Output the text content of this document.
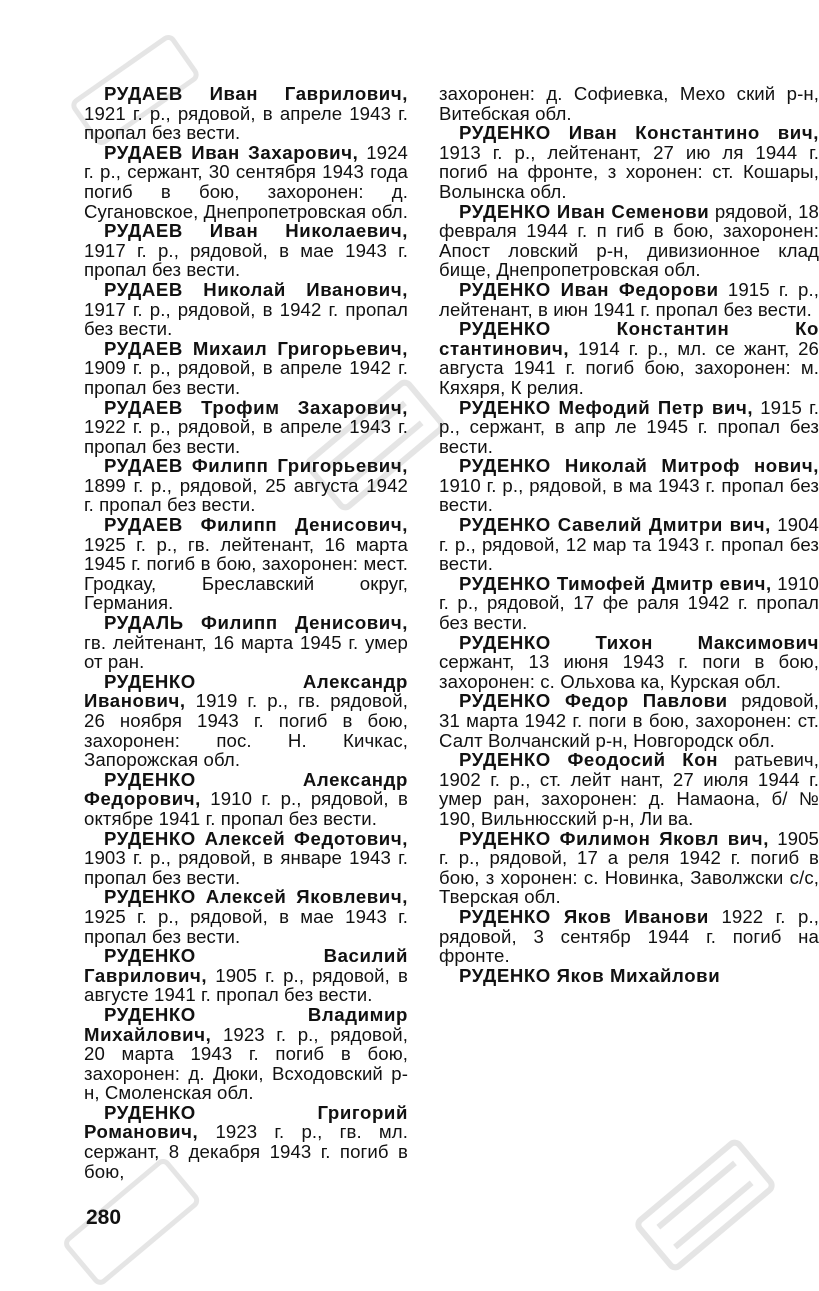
РУДАЕВ Иван Гаврилович, 1921 г. р., рядовой, в апреле 1943 г. пропал без вести.

РУДАЕВ Иван Захарович, 1924 г. р., сержант, 30 сентября 1943 года погиб в бою, захоронен: д. Сугановское, Днепропетровская обл.

РУДАЕВ Иван Николаевич, 1917 г. р., рядовой, в мае 1943 г. пропал без вести.

РУДАЕВ Николай Иванович, 1917 г. р., рядовой, в 1942 г. пропал без вести.

РУДАЕВ Михаил Григорьевич, 1909 г. р., рядовой, в апреле 1942 г. пропал без вести.

РУДАЕВ Трофим Захарович, 1922 г. р., рядовой, в апреле 1943 г. пропал без вести.

РУДАЕВ Филипп Григорьевич, 1899 г. р., рядовой, 25 августа 1942 г. пропал без вести.

РУДАЕВ Филипп Денисович, 1925 г. р., гв. лейтенант, 16 марта 1945 г. погиб в бою, захоронен: мест. Гродкау, Бреславский округ, Германия.

РУДАЛЬ Филипп Денисович, гв. лейтенант, 16 марта 1945 г. умер от ран.

РУДЕНКО Александр Иванович, 1919 г. р., гв. рядовой, 26 ноября 1943 г. погиб в бою, захоронен: пос. Н. Кичкас, Запорожская обл.

РУДЕНКО Александр Федорович, 1910 г. р., рядовой, в октябре 1941 г. пропал без вести.

РУДЕНКО Алексей Федотович, 1903 г. р., рядовой, в январе 1943 г. пропал без вести.

РУДЕНКО Алексей Яковлевич, 1925 г. р., рядовой, в мае 1943 г. пропал без вести.

РУДЕНКО Василий Гаврилович, 1905 г. р., рядовой, в августе 1941 г. пропал без вести.

РУДЕНКО Владимир Михайлович, 1923 г. р., рядовой, 20 марта 1943 г. погиб в бою, захоронен: д. Дюки, Всходовский р-н, Смоленская обл.

РУДЕНКО Григорий Романович, 1923 г. р., гв. мл. сержант, 8 декабря 1943 г. погиб в бою,

захоронен: д. Софиевка, Мехо ский р-н, Витебская обл.

РУДЕНКО Иван Константино вич, 1913 г. р., лейтенант, 27 ию ля 1944 г. погиб на фронте, з хоронен: ст. Кошары, Волынска обл.

РУДЕНКО Иван Семенови рядовой, 18 февраля 1944 г. п гиб в бою, захоронен: Апост ловский р-н, дивизионное клад бище, Днепропетровская обл.

РУДЕНКО Иван Федорови 1915 г. р., лейтенант, в июн 1941 г. пропал без вести.

РУДЕНКО Константин Ко стантинович, 1914 г. р., мл. се жант, 26 августа 1941 г. погиб бою, захоронен: м. Кяхяря, К релия.

РУДЕНКО Мефодий Петр вич, 1915 г. р., сержант, в апр ле 1945 г. пропал без вести.

РУДЕНКО Николай Митроф нович, 1910 г. р., рядовой, в ма 1943 г. пропал без вести.

РУДЕНКО Савелий Дмитри вич, 1904 г. р., рядовой, 12 мар та 1943 г. пропал без вести.

РУДЕНКО Тимофей Дмитр евич, 1910 г. р., рядовой, 17 фе раля 1942 г. пропал без вести.

РУДЕНКО Тихон Максимович сержант, 13 июня 1943 г. поги в бою, захоронен: с. Ольхова ка, Курская обл.

РУДЕНКО Федор Павлови рядовой, 31 марта 1942 г. поги в бою, захоронен: ст. Салт Волчанский р-н, Новгородск обл.

РУДЕНКО Феодосий Кон ратьевич, 1902 г. р., ст. лейт нант, 27 июля 1944 г. умер ран, захоронен: д. Намаона, б/ № 190, Вильнюсский р-н, Ли ва.

РУДЕНКО Филимон Яковл вич, 1905 г. р., рядовой, 17 а реля 1942 г. погиб в бою, з хоронен: с. Новинка, Заволжски с/с, Тверская обл.

РУДЕНКО Яков Иванови 1922 г. р., рядовой, 3 сентябр 1944 г. погиб на фронте.

РУДЕНКО Яков Михайлови

280
